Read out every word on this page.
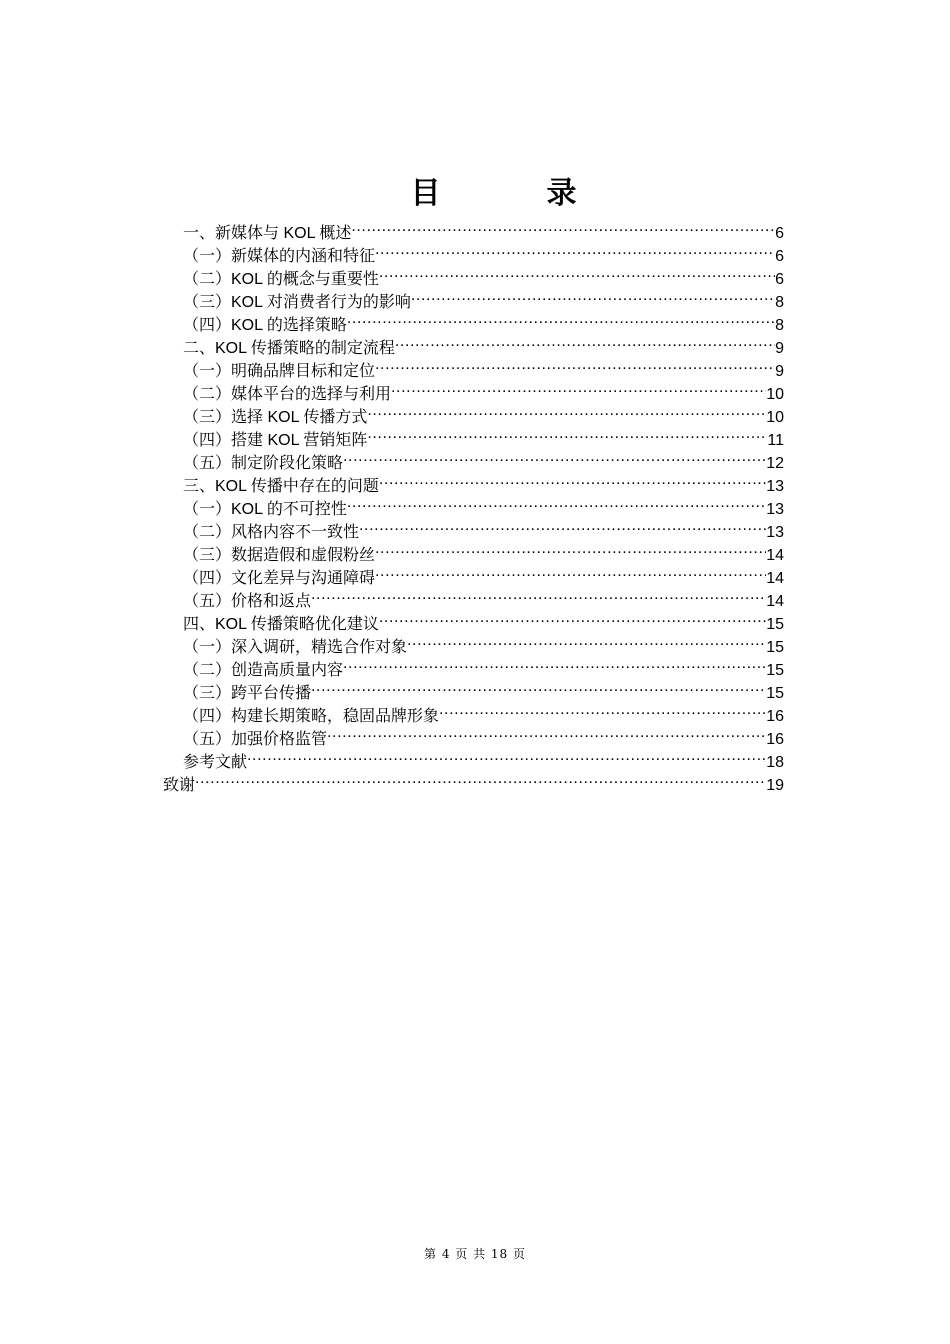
目　录
一、新媒体与 KOL 概述 .....	6
（一）新媒体的内涵和特征 .....	6
（二）KOL 的概念与重要性 .....	6
（三）KOL 对消费者行为的影响 .....	8
（四）KOL 的选择策略 .....	8
二、KOL 传播策略的制定流程 .....	9
（一）明确品牌目标和定位 .....	9
（二）媒体平台的选择与利用 .....	10
（三）选择 KOL 传播方式 .....	10
（四）搭建 KOL 营销矩阵 .....	11
（五）制定阶段化策略 .....	12
三、KOL 传播中存在的问题 .....	13
（一）KOL 的不可控性 .....	13
（二）风格内容不一致性 .....	13
（三）数据造假和虚假粉丝 .....	14
（四）文化差异与沟通障碍 .....	14
（五）价格和返点 .....	14
四、KOL 传播策略优化建议 .....	15
（一）深入调研，精选合作对象 .....	15
（二）创造高质量内容 .....	15
（三）跨平台传播 .....	15
（四）构建长期策略，稳固品牌形象 .....	16
（五）加强价格监管 .....	16
参考文献 .....	18
致谢 .....	19
第 4 页 共 18 页
